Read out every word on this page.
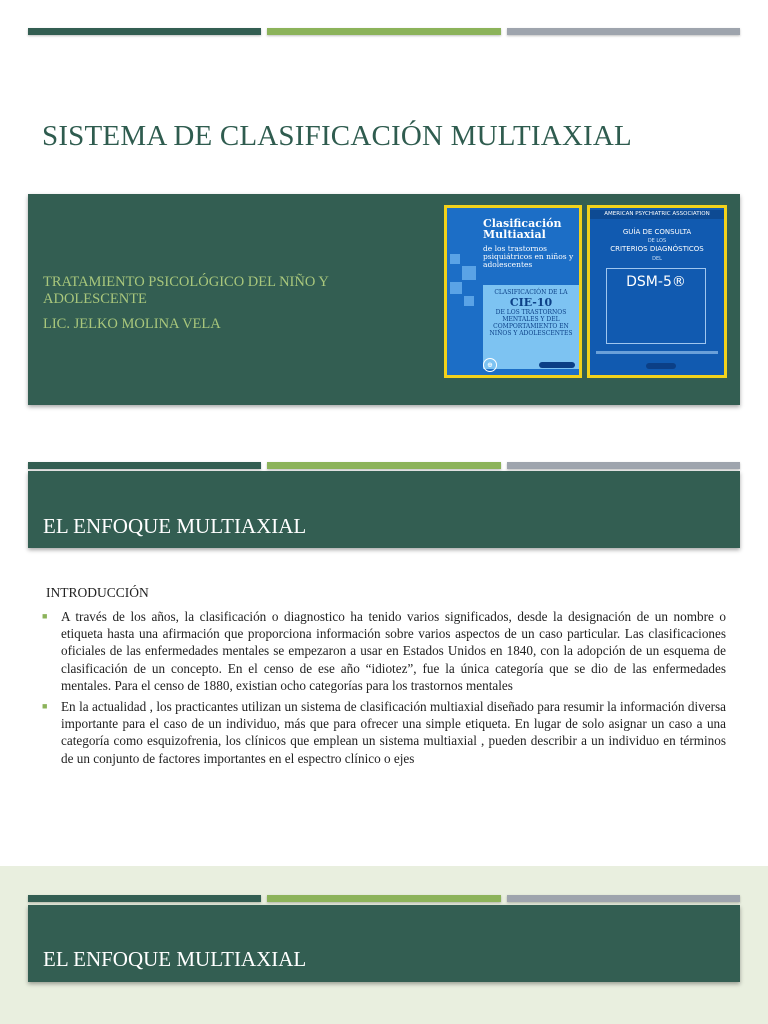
SISTEMA DE CLASIFICACIÓN MULTIAXIAL
TRATAMIENTO PSICOLÓGICO DEL NIÑO Y ADOLESCENTE
LIC. JELKO MOLINA VELA
Clasificación Multiaxial
de los trastornos psiquiátricos en niños y adolescentes
CLASIFICACIÓN DE LA
CIE-10
DE LOS TRASTORNOS MENTALES Y DEL COMPORTAMIENTO EN NIÑOS Y ADOLESCENTES
⊕
AMERICAN PSYCHIATRIC ASSOCIATION
GUÍA DE CONSULTA
DE LOS
CRITERIOS DIAGNÓSTICOS
DEL
DSM-5®
EL ENFOQUE MULTIAXIAL
INTRODUCCIÓN
■ A través de los años, la clasificación o diagnostico ha tenido varios significados, desde la designación de un nombre o etiqueta hasta una afirmación que proporciona información sobre varios aspectos de un caso particular. Las clasificaciones oficiales de las enfermedades mentales se empezaron a usar en Estados Unidos en 1840, con la adopción de un esquema de clasificación de un concepto. En el censo de ese año “idiotez”, fue la única categoría que se dio de las enfermedades mentales. Para el censo de 1880, existian ocho categorías para los trastornos mentales
■ En la actualidad , los practicantes utilizan un sistema de clasificación multiaxial diseñado para resumir la información diversa importante para el caso de un individuo, más que para ofrecer una simple etiqueta. En lugar de solo asignar un caso a una categoría como esquizofrenia, los clínicos que emplean un sistema multiaxial , pueden describir a un individuo en términos de un conjunto de factores importantes en el espectro clínico o ejes
EL ENFOQUE MULTIAXIAL
